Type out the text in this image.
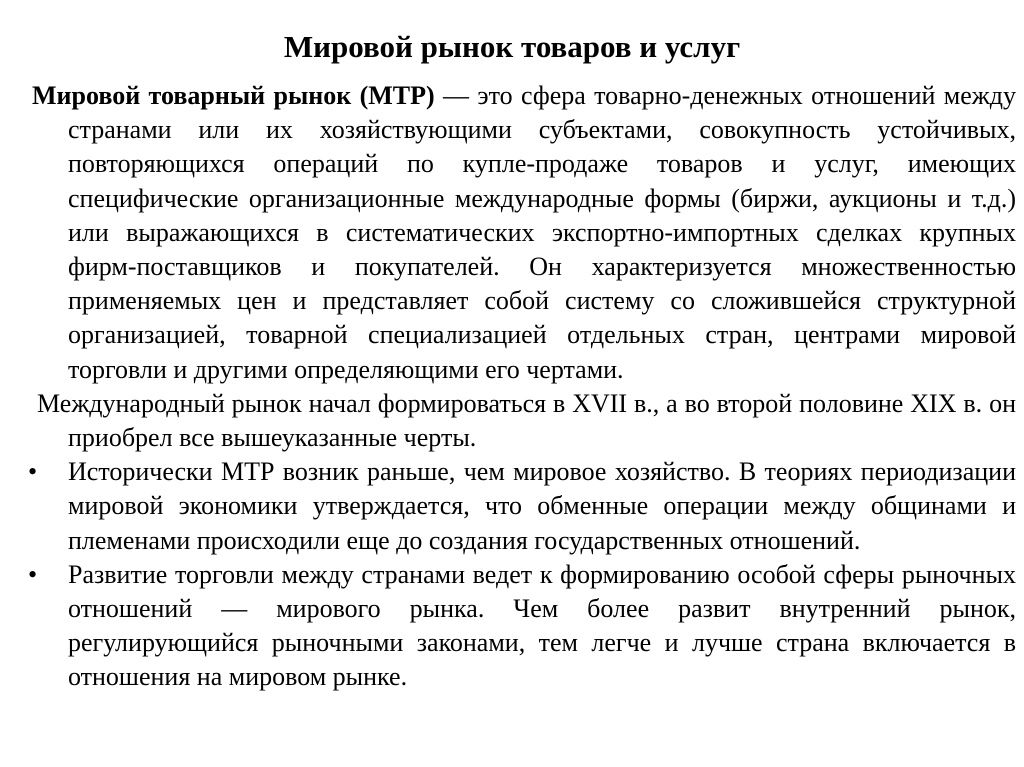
Мировой рынок товаров и услуг

Мировой товарный рынок (МТР) — это сфера товарно-денежных отношений между странами или их хозяйствующими субъектами, совокупность устойчивых, повторяющихся операций по купле-продаже товаров и услуг, имеющих специфические организационные международные формы (биржи, аукционы и т.д.) или выражающихся в систематических экспортно-импортных сделках крупных фирм-поставщиков и покупателей. Он характеризуется множественностью применяемых цен и представляет собой систему со сложившейся структурной организацией, товарной специализацией отдельных стран, центрами мировой торговли и другими определяющими его чертами.

Международный рынок начал формироваться в XVII в., а во второй половине XIX в. он приобрел все вышеуказанные черты.

•	Исторически МТР возник раньше, чем мировое хозяйство. В теориях периодизации мировой экономики утверждается, что обменные операции между общинами и племенами происходили еще до создания государственных отношений.
•	Развитие торговли между странами ведет к формированию особой сферы рыночных отношений — мирового рынка. Чем более развит внутренний рынок, регулирующийся рыночными законами, тем легче и лучше страна включается в отношения на мировом рынке.
